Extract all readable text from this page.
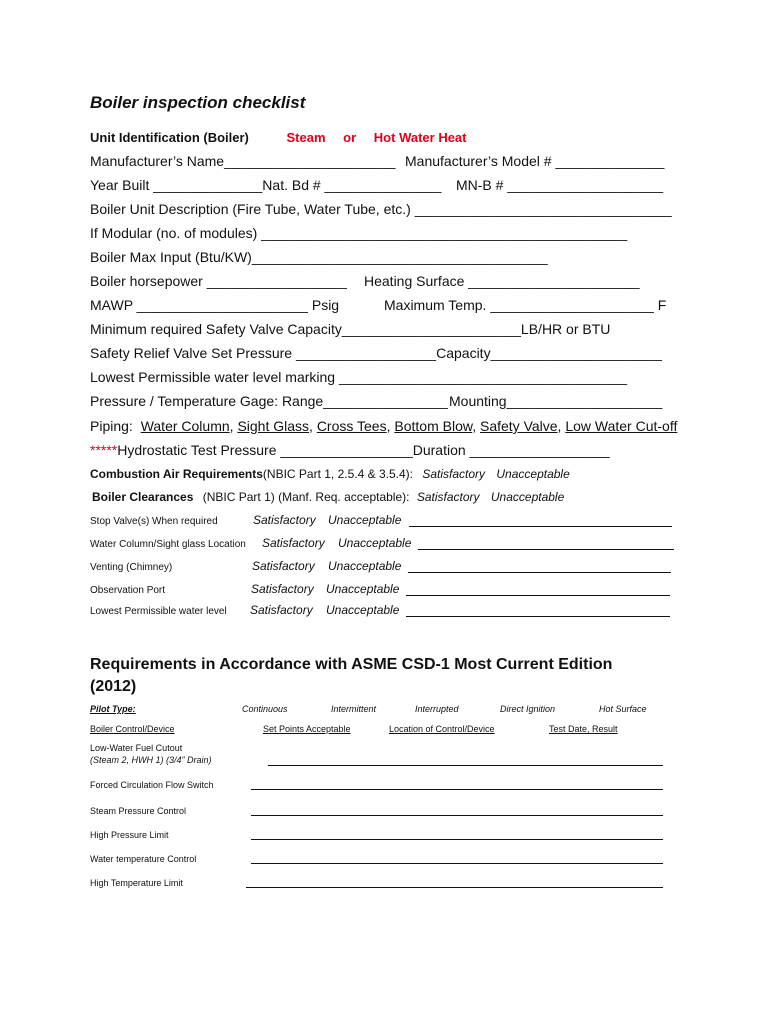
Boiler inspection checklist
Unit Identification (Boiler)	Steam or Hot Water Heat
Manufacturer’s Name______________________ Manufacturer’s Model # ______________
Year Built ______________Nat. Bd # _______________ MN-B # ____________________
Boiler Unit Description (Fire Tube, Water Tube, etc.) _________________________________
If Modular (no. of modules) _______________________________________________
Boiler Max Input (Btu/KW)______________________________________
Boiler horsepower __________________ Heating Surface ______________________
MAWP ______________________ Psig	Maximum Temp. _____________________ F
Minimum required Safety Valve Capacity_______________________LB/HR or BTU
Safety Relief Valve Set Pressure __________________Capacity______________________
Lowest Permissible water level marking _____________________________________
Pressure / Temperature Gage: Range________________ Mounting____________________
Piping: Water Column, Sight Glass, Cross Tees, Bottom Blow, Safety Valve, Low Water Cut-off
*****Hydrostatic Test Pressure _________________Duration __________________
Combustion Air Requirements(NBIC Part 1, 2.5.4 & 3.5.4): Satisfactory Unacceptable
Boiler Clearances (NBIC Part 1) (Manf. Req. acceptable): Satisfactory Unacceptable
Stop Valve(s) When required	Satisfactory Unacceptable
Water Column/Sight glass Location Satisfactory Unacceptable
Venting (Chimney)	Satisfactory Unacceptable
Observation Port	Satisfactory Unacceptable
Lowest Permissible water level Satisfactory Unacceptable
Requirements in Accordance with ASME CSD-1 Most Current Edition
(2012)
Pilot Type:	Continuous	Intermittent	Interrupted	Direct Ignition	Hot Surface
Boiler Control/Device	Set Points Acceptable	Location of Control/Device	Test Date, Result
Low-Water Fuel Cutout
(Steam 2, HWH 1) (3/4” Drain)
Forced Circulation Flow Switch
Steam Pressure Control
High Pressure Limit
Water temperature Control
High Temperature Limit
